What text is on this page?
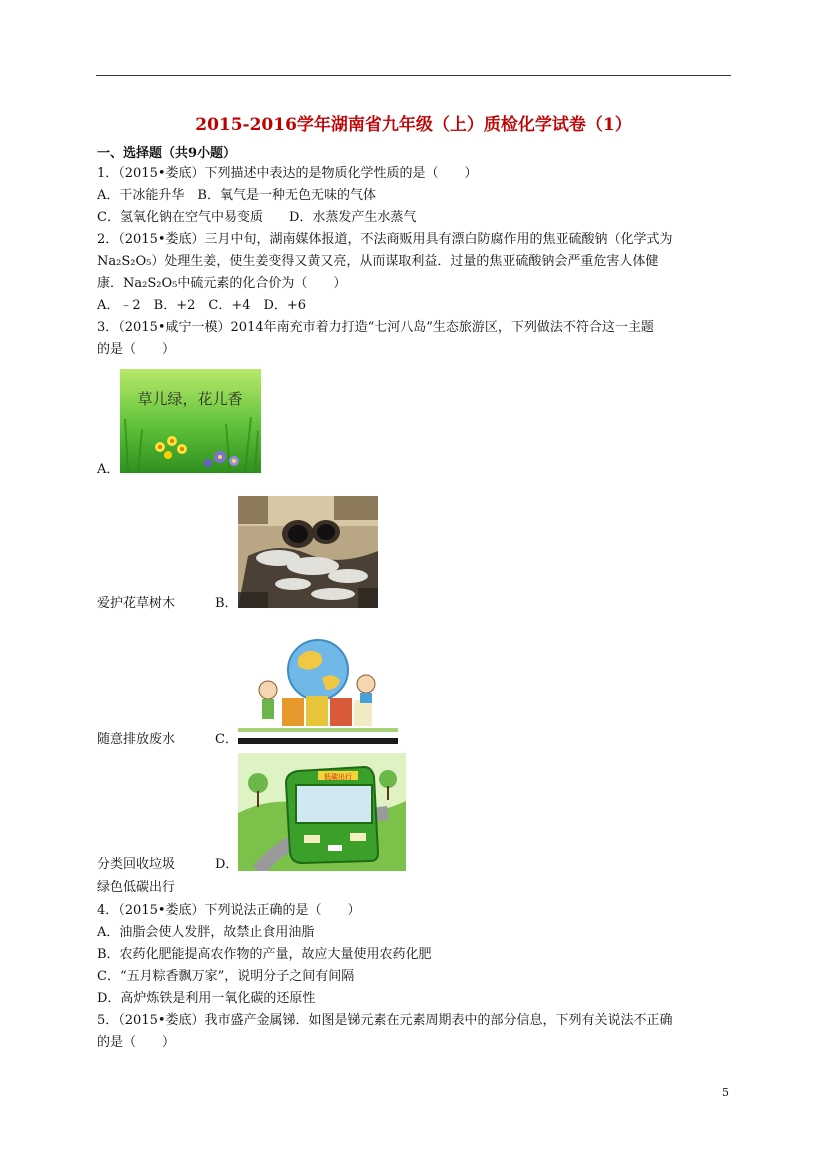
2015-2016学年湖南省九年级（上）质检化学试卷（1）
一、选择题（共9小题）
1．（2015•娄底）下列描述中表达的是物质化学性质的是（　　）
A．干冰能升华　B．氧气是一种无色无味的气体
C．氢氧化钠在空气中易变质　　D．水蒸发产生水蒸气
2．（2015•娄底）三月中旬，湖南媒体报道，不法商贩用具有漂白防腐作用的焦亚硫酸钠（化学式为
Na₂S₂O₅）处理生姜，使生姜变得又黄又亮，从而谋取利益．过量的焦亚硫酸钠会严重危害人体健
康．Na₂S₂O₅中硫元素的化合价为（　　）
A．﹣2　B．+2　C．+4　D．+6
3．（2015•咸宁一模）2014年南充市着力打造“七河八岛”生态旅游区，下列做法不符合这一主题
的是（　　）
草儿绿，花儿香
A．
爱护花草树木	B．
随意排放废水	C．
低碳出行
分类回收垃圾	D．
绿色低碳出行
4．（2015•娄底）下列说法正确的是（　　）
A．油脂会使人发胖，故禁止食用油脂
B．农药化肥能提高农作物的产量，故应大量使用农药化肥
C．“五月粽香飘万家”，说明分子之间有间隔
D．高炉炼铁是利用一氧化碳的还原性
5．（2015•娄底）我市盛产金属锑．如图是锑元素在元素周期表中的部分信息，下列有关说法不正确
的是（　　）
5
